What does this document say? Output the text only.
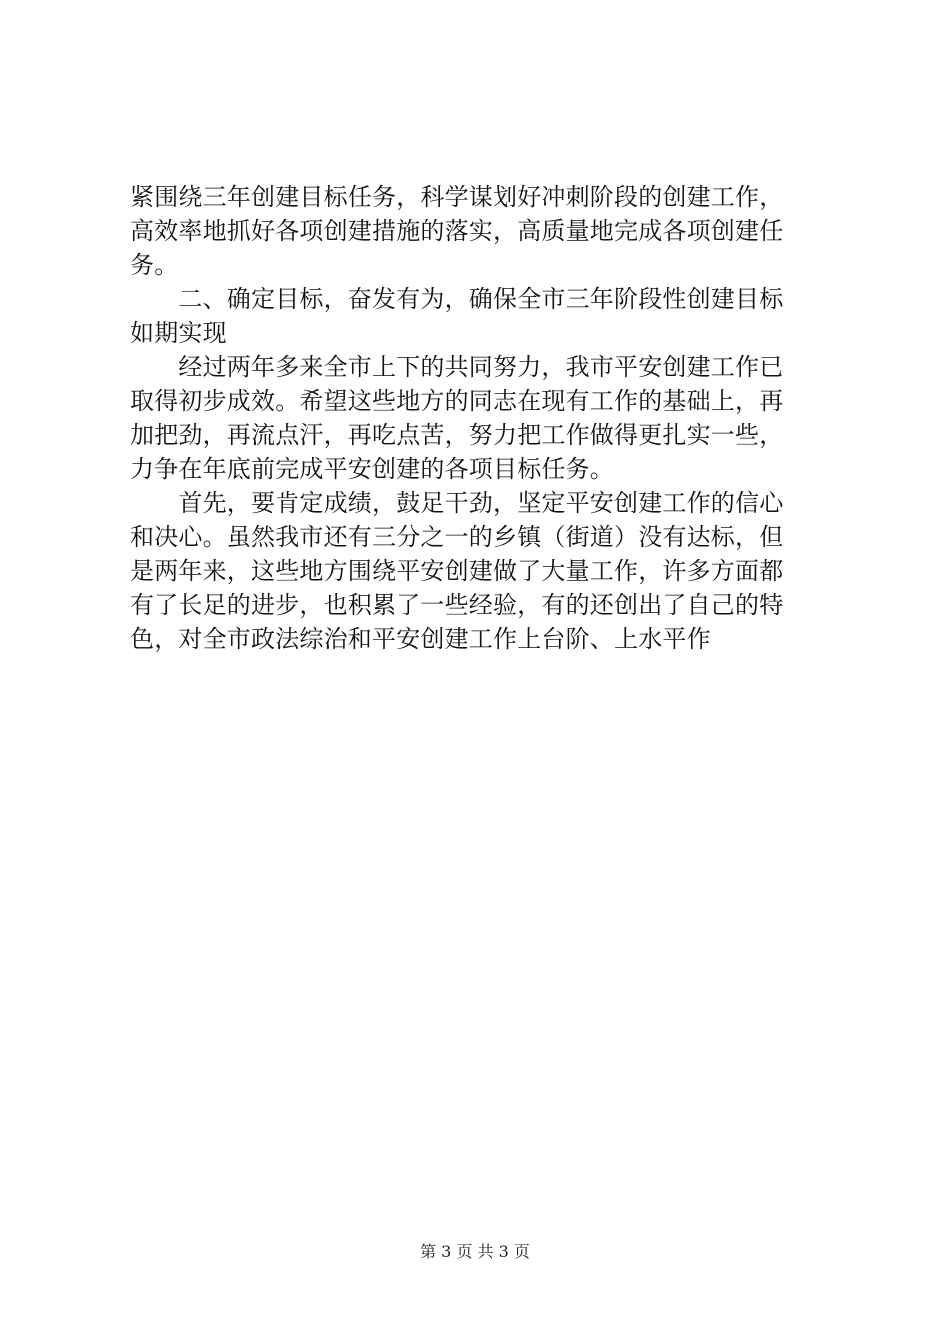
紧围绕三年创建目标任务，科学谋划好冲刺阶段的创建工作，
高效率地抓好各项创建措施的落实，高质量地完成各项创建任
务。
　　二、确定目标，奋发有为，确保全市三年阶段性创建目标
如期实现
　　经过两年多来全市上下的共同努力，我市平安创建工作已
取得初步成效。希望这些地方的同志在现有工作的基础上，再
加把劲，再流点汗，再吃点苦，努力把工作做得更扎实一些，
力争在年底前完成平安创建的各项目标任务。
　　首先，要肯定成绩，鼓足干劲，坚定平安创建工作的信心
和决心。虽然我市还有三分之一的乡镇（街道）没有达标，但
是两年来，这些地方围绕平安创建做了大量工作，许多方面都
有了长足的进步，也积累了一些经验，有的还创出了自己的特
色，对全市政法综治和平安创建工作上台阶、上水平作
第 3 页 共 3 页
